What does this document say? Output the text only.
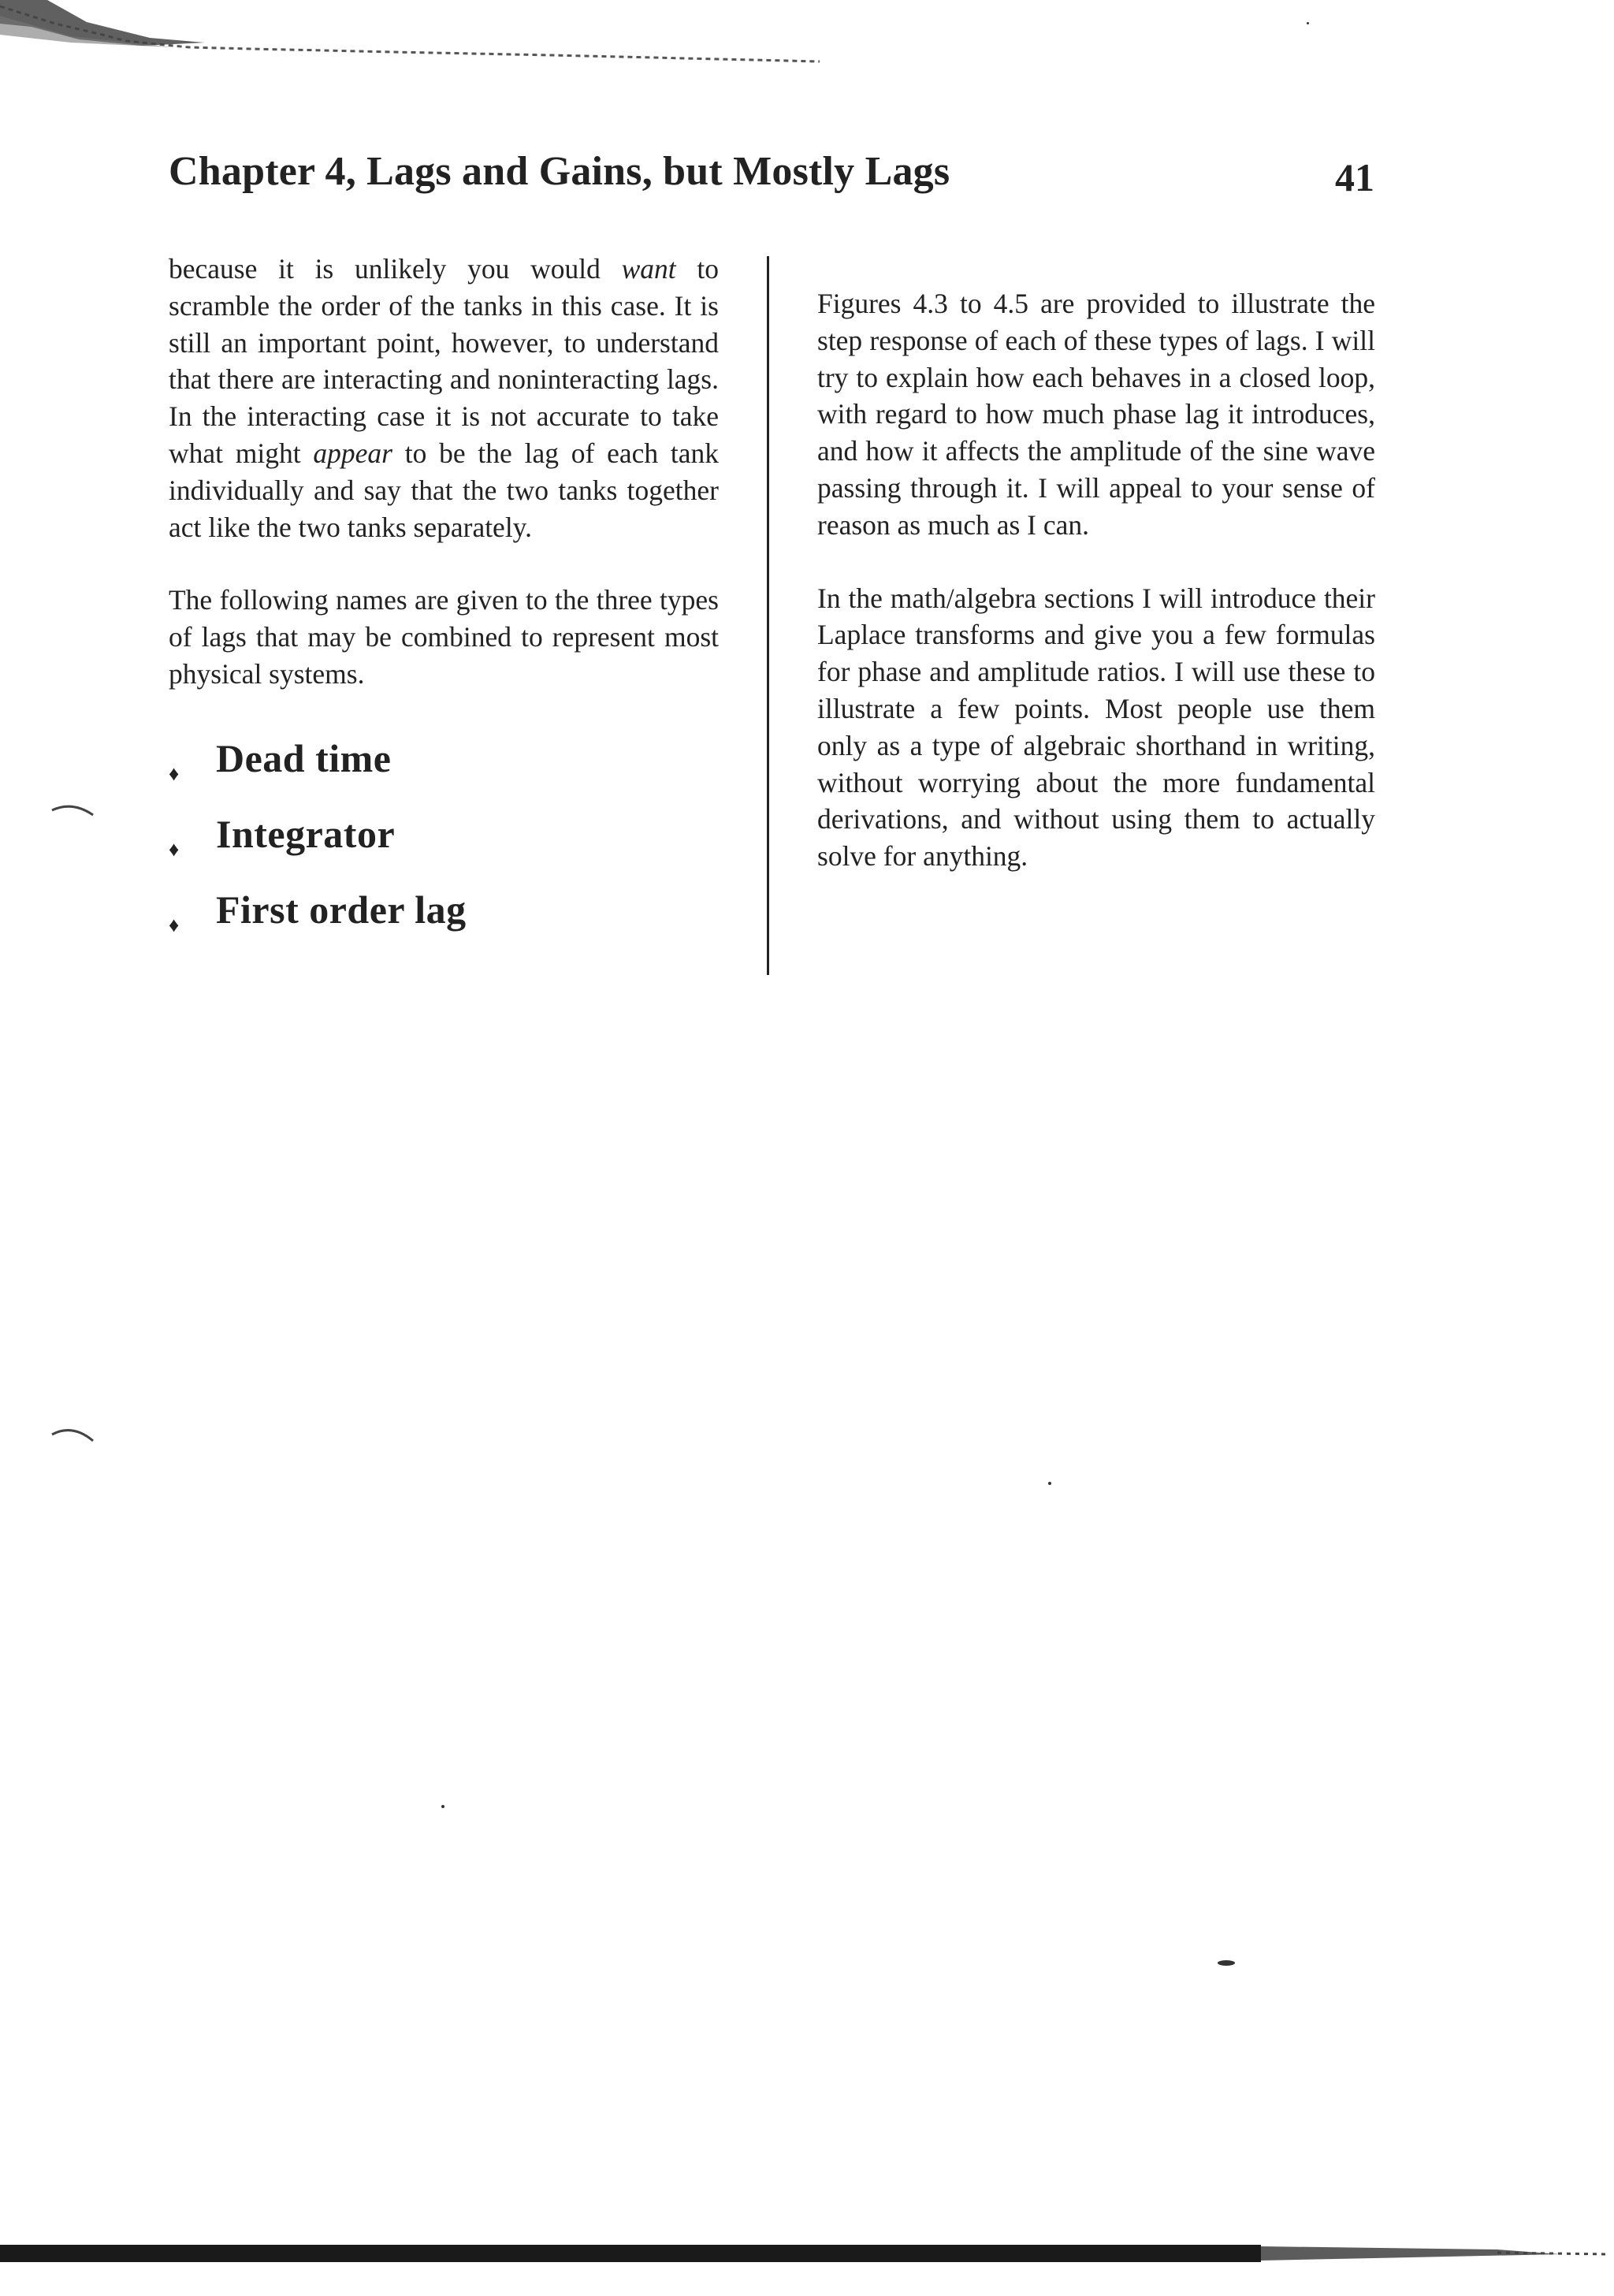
Chapter 4, Lags and Gains, but Mostly Lags	41

because it is unlikely you would want to scramble the order of the tanks in this case. It is still an important point, however, to understand that there are interacting and noninteracting lags. In the interacting case it is not accurate to take what might appear to be the lag of each tank individually and say that the two tanks together act like the two tanks separately.

The following names are given to the three types of lags that may be combined to represent most physical systems.

♦ Dead time
♦ Integrator
♦ First order lag

Figures 4.3 to 4.5 are provided to illustrate the step response of each of these types of lags. I will try to explain how each behaves in a closed loop, with regard to how much phase lag it introduces, and how it affects the amplitude of the sine wave passing through it. I will appeal to your sense of reason as much as I can.

In the math/algebra sections I will introduce their Laplace transforms and give you a few formulas for phase and amplitude ratios. I will use these to illustrate a few points. Most people use them only as a type of algebraic shorthand in writing, without worrying about the more fundamental derivations, and without using them to actually solve for anything.
